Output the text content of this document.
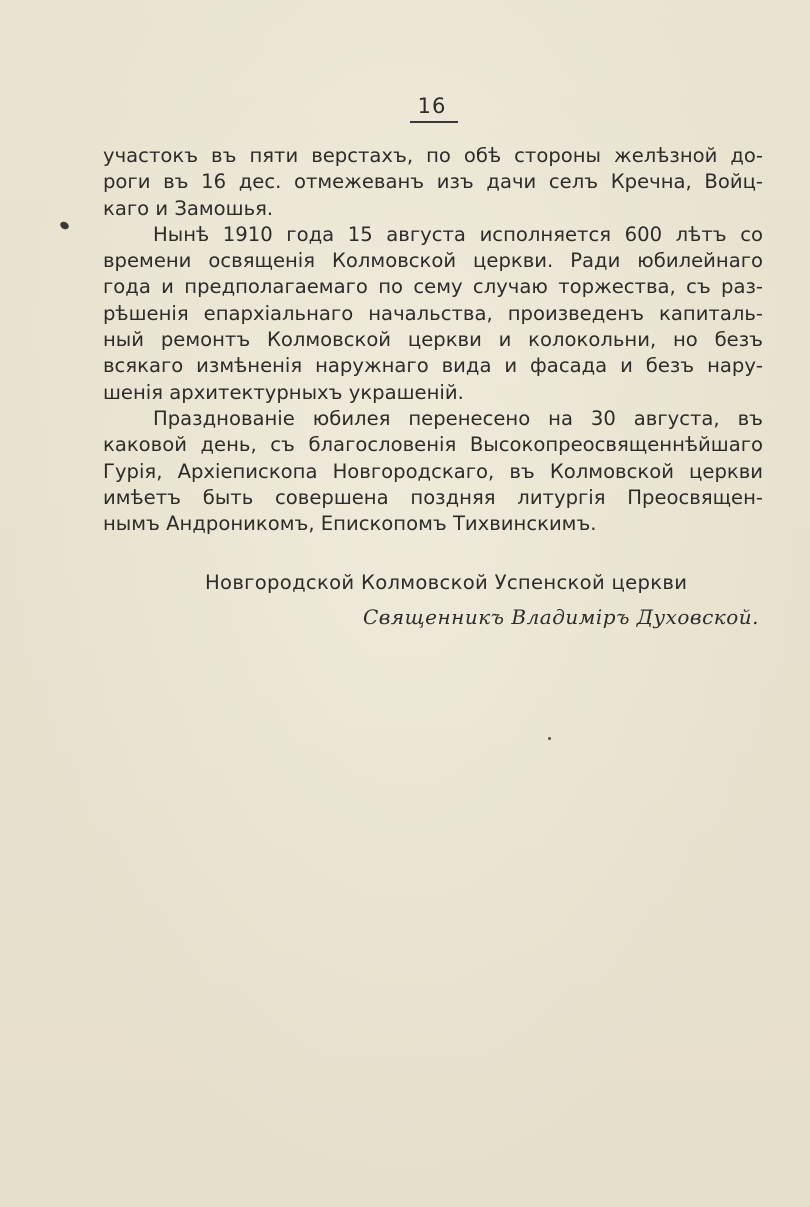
16
участокъ въ пяти верстахъ, по обѣ стороны желѣзной до-
роги въ 16 дес. отмежеванъ изъ дачи селъ Кречна, Войц-
каго и Замошья.
Нынѣ 1910 года 15 августа исполняется 600 лѣтъ со
времени освященія Колмовской церкви. Ради юбилейнаго
года и предполагаемаго по сему случаю торжества, съ раз-
рѣшенія епархіальнаго начальства, произведенъ капиталь-
ный ремонтъ Колмовской церкви и колокольни, но безъ
всякаго измѣненія наружнаго вида и фасада и безъ нару-
шенія архитектурныхъ украшеній.
Празднованіе юбилея перенесено на 30 августа, въ
каковой день, съ благословенія Высокопреосвященнѣйшаго
Гурія, Архіепископа Новгородскаго, въ Колмовской церкви
имѣетъ быть совершена поздняя литургія Преосвящен-
нымъ Андроникомъ, Епископомъ Тихвинскимъ.
Новгородской Колмовской Успенской церкви
Священникъ Владиміръ Духовской.
